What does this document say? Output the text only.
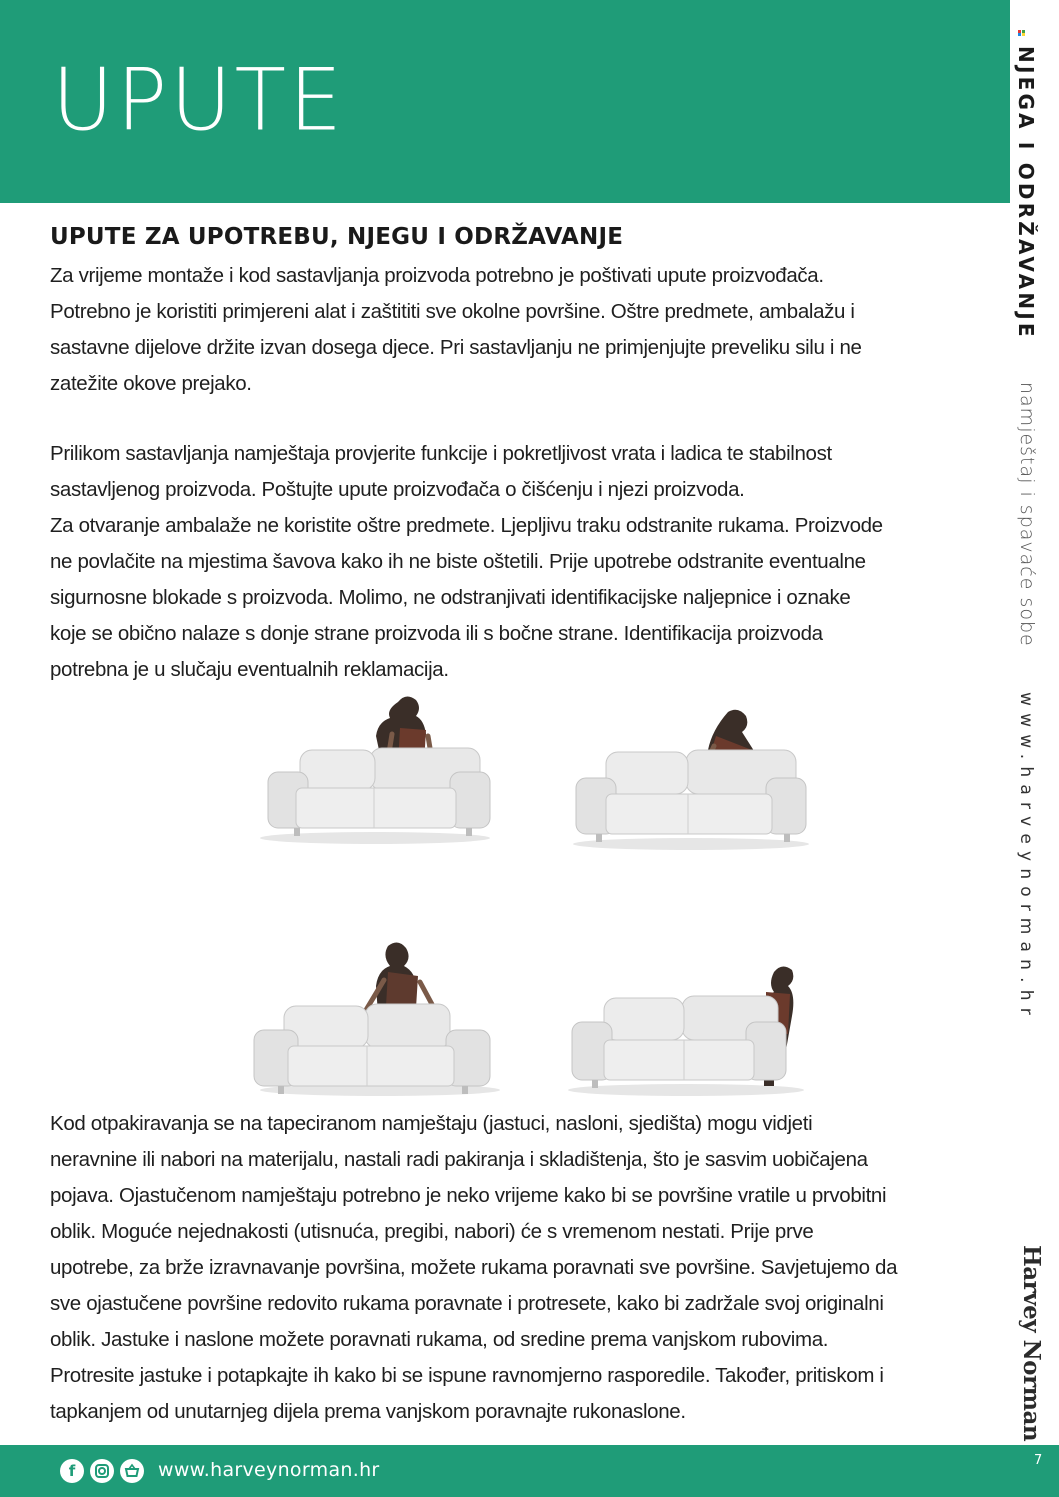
UPUTE	NJEGA I ODRŽAVANJE
namještaj i spavaće sobe
www.harveynorman.hr
Harvey Norman
UPUTE ZA UPOTREBU, NJEGU I ODRŽAVANJE
Za vrijeme montaže i kod sastavljanja proizvoda potrebno je poštivati upute proizvođača.
Potrebno je koristiti primjereni alat i zaštititi sve okolne površine. Oštre predmete, ambalažu i
sastavne dijelove držite izvan dosega djece. Pri sastavljanju ne primjenjujte preveliku silu i ne
zatežite okove prejako.
Prilikom sastavljanja namještaja provjerite funkcije i pokretljivost vrata i ladica te stabilnost
sastavljenog proizvoda. Poštujte upute proizvođača o čišćenju i njezi proizvoda.
Za otvaranje ambalaže ne koristite oštre predmete. Ljepljivu traku odstranite rukama. Proizvode
ne povlačite na mjestima šavova kako ih ne biste oštetili. Prije upotrebe odstranite eventualne
sigurnosne blokade s proizvoda. Molimo, ne odstranjivati identifikacijske naljepnice i oznake
koje se obično nalaze s donje strane proizvoda ili s bočne strane. Identifikacija proizvoda
potrebna je u slučaju eventualnih reklamacija.
Kod otpakiravanja se na tapeciranom namještaju (jastuci, nasloni, sjedišta) mogu vidjeti
neravnine ili nabori na materijalu, nastali radi pakiranja i skladištenja, što je sasvim uobičajena
pojava. Ojastučenom namještaju potrebno je neko vrijeme kako bi se površine vratile u prvobitni
oblik. Moguće nejednakosti (utisnuća, pregibi, nabori) će s vremenom nestati. Prije prve
upotrebe, za brže izravnavanje površina, možete rukama poravnati sve površine. Savjetujemo da
sve ojastučene površine redovito rukama poravnate i protresete, kako bi zadržale svoj originalni
oblik. Jastuke i naslone možete poravnati rukama, od sredine prema vanjskom rubovima.
Protresite jastuke i potapkajte ih kako bi se ispune ravnomjerno rasporedile. Također, pritiskom i
tapkanjem od unutarnjeg dijela prema vanjskom poravnajte rukonaslone.
f	www.harveynorman.hr	7
